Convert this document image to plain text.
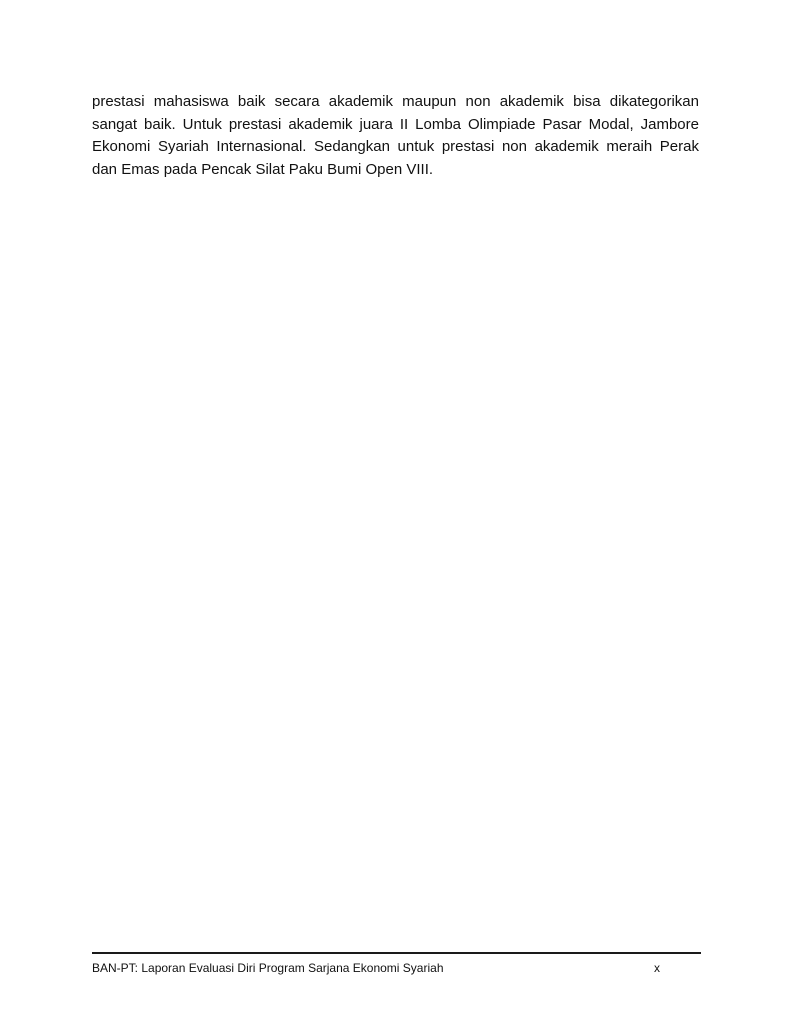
prestasi mahasiswa baik secara akademik maupun non akademik bisa dikategorikan
sangat baik. Untuk prestasi akademik juara II Lomba Olimpiade Pasar Modal, Jambore
Ekonomi Syariah Internasional. Sedangkan untuk prestasi non akademik meraih Perak
dan Emas pada Pencak Silat Paku Bumi Open VIII.

BAN-PT: Laporan Evaluasi Diri Program Sarjana Ekonomi Syariah	x
